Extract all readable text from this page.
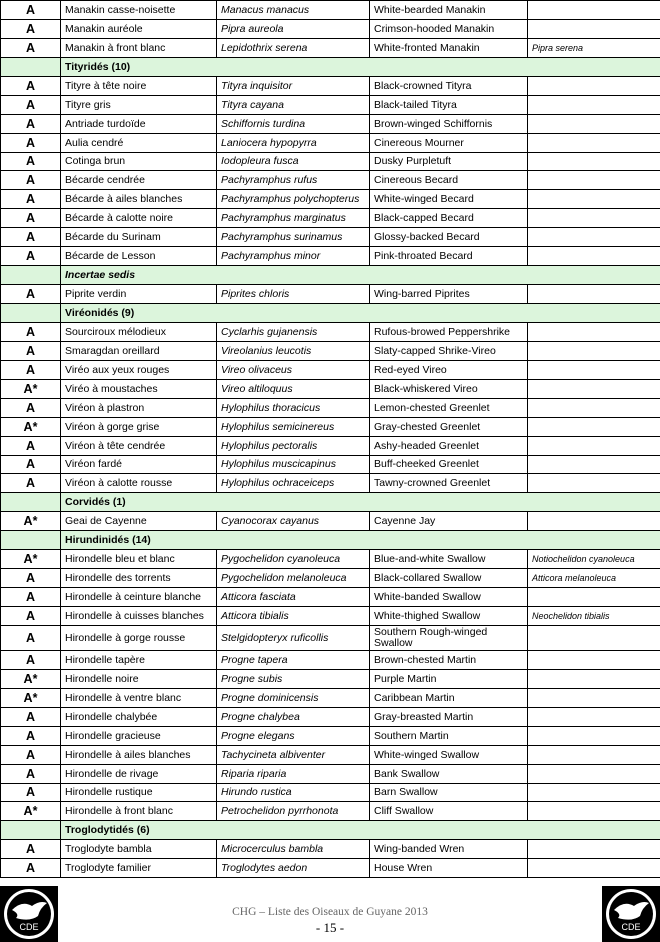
A	Manakin casse-noisette	Manacus manacus	White-bearded Manakin	
A	Manakin auréole	Pipra aureola	Crimson-hooded Manakin	
A	Manakin à front blanc	Lepidothrix serena	White-fronted Manakin	Pipra serena
	Tityridés (10)			
A	Tityre à tête noire	Tityra inquisitor	Black-crowned Tityra	
A	Tityre gris	Tityra cayana	Black-tailed Tityra	
A	Antriade turdoïde	Schiffornis turdina	Brown-winged Schiffornis	
A	Aulia cendré	Laniocera hypopyrra	Cinereous Mourner	
A	Cotinga brun	Iodopleura fusca	Dusky Purpletuft	
A	Bécarde cendrée	Pachyramphus rufus	Cinereous Becard	
A	Bécarde à ailes blanches	Pachyramphus polychopterus	White-winged Becard	
A	Bécarde à calotte noire	Pachyramphus marginatus	Black-capped Becard	
A	Bécarde du Surinam	Pachyramphus surinamus	Glossy-backed Becard	
A	Bécarde de Lesson	Pachyramphus minor	Pink-throated Becard	
	Incertae sedis			
A	Piprite verdin	Piprites chloris	Wing-barred Piprites	
	Viréonidés (9)			
A	Sourciroux mélodieux	Cyclarhis gujanensis	Rufous-browed Peppershrike	
A	Smaragdan oreillard	Vireolanius leucotis	Slaty-capped Shrike-Vireo	
A	Viréo aux yeux rouges	Vireo olivaceus	Red-eyed Vireo	
A*	Viréo à moustaches	Vireo altiloquus	Black-whiskered Vireo	
A	Viréon à plastron	Hylophilus thoracicus	Lemon-chested Greenlet	
A*	Viréon à gorge grise	Hylophilus semicinereus	Gray-chested Greenlet	
A	Viréon à tête cendrée	Hylophilus pectoralis	Ashy-headed Greenlet	
A	Viréon fardé	Hylophilus muscicapinus	Buff-cheeked Greenlet	
A	Viréon à calotte rousse	Hylophilus ochraceiceps	Tawny-crowned Greenlet	
	Corvidés (1)			
A*	Geai de Cayenne	Cyanocorax cayanus	Cayenne Jay	
	Hirundinidés (14)			
A*	Hirondelle bleu et blanc	Pygochelidon cyanoleuca	Blue-and-white Swallow	Notiochelidon cyanoleuca
A	Hirondelle des torrents	Pygochelidon melanoleuca	Black-collared Swallow	Atticora melanoleuca
A	Hirondelle à ceinture blanche	Atticora fasciata	White-banded Swallow	
A	Hirondelle à cuisses blanches	Atticora tibialis	White-thighed Swallow	Neochelidon tibialis
A	Hirondelle à gorge rousse	Stelgidopteryx ruficollis	Southern Rough-winged Swallow	
A	Hirondelle tapère	Progne tapera	Brown-chested Martin	
A*	Hirondelle noire	Progne subis	Purple Martin	
A*	Hirondelle à ventre blanc	Progne dominicensis	Caribbean Martin	
A	Hirondelle chalybée	Progne chalybea	Gray-breasted Martin	
A	Hirondelle gracieuse	Progne elegans	Southern Martin	
A	Hirondelle à ailes blanches	Tachycineta albiventer	White-winged Swallow	
A	Hirondelle de rivage	Riparia riparia	Bank Swallow	
A	Hirondelle rustique	Hirundo rustica	Barn Swallow	
A*	Hirondelle à front blanc	Petrochelidon pyrrhonota	Cliff Swallow	
	Troglodytidés (6)			
A	Troglodyte bambla	Microcerculus bambla	Wing-banded Wren	
A	Troglodyte familier	Troglodytes aedon	House Wren	
CDE	CDE
CHG – Liste des Oiseaux de Guyane 2013
- 15 -
